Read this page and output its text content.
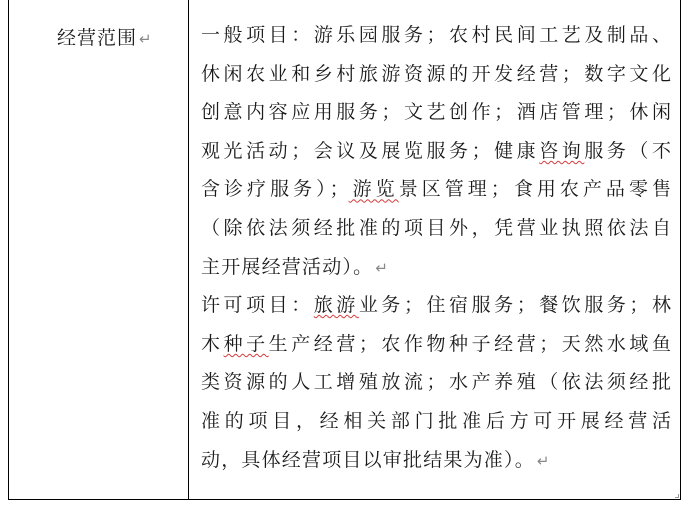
经营范围 ↵	一般项目：游乐园服务；农村民间工艺及制品、
休闲农业和乡村旅游资源的开发经营；数字文化
创意内容应用服务；文艺创作；酒店管理；休闲
观光活动；会议及展览服务；健康咨询服务（不
含诊疗服务）；游览景区管理；食用农产品零售
（除依法须经批准的项目外，凭营业执照依法自
主开展经营活动）。 ↵
许可项目：旅游业务；住宿服务；餐饮服务；林
木种子生产经营；农作物种子经营；天然水域鱼
类资源的人工增殖放流；水产养殖（依法须经批
准的项目，经相关部门批准后方可开展经营活
动，具体经营项目以审批结果为准）。 ↵
